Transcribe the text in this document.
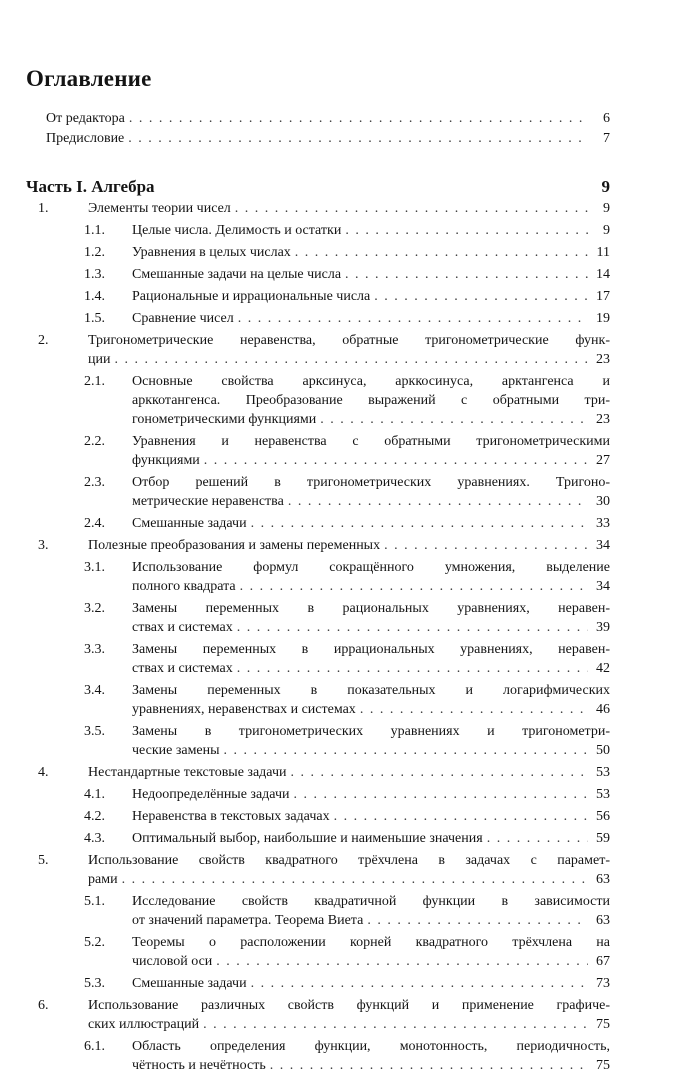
Оглавление
От редактора . . .	6
Предисловие . . .	7
Часть I. Алгебра	9
1.	Элементы теории чисел . . .	9
1.1. Целые числа. Делимость и остатки . . .	9
1.2. Уравнения в целых числах . . .	11
1.3. Смешанные задачи на целые числа . . .	14
1.4. Рациональные и иррациональные числа . . .	17
1.5. Сравнение чисел . . .	19
2.	Тригонометрические неравенства, обратные тригонометрические функ-
ции . . .	23
2.1. Основные свойства арксинуса, арккосинуса, арктангенса и
арккотангенса. Преобразование выражений с обратными три-
гонометрическими функциями . . .	23
2.2. Уравнения и неравенства с обратными тригонометрическими
функциями . . .	27
2.3. Отбор решений в тригонометрических уравнениях. Тригоно-
метрические неравенства . . .	30
2.4. Смешанные задачи . . .	33
3.	Полезные преобразования и замены переменных . . .	34
3.1. Использование формул сокращённого умножения, выделение
полного квадрата . . .	34
3.2. Замены переменных в рациональных уравнениях, неравен-
ствах и системах . . .	39
3.3. Замены переменных в иррациональных уравнениях, неравен-
ствах и системах . . .	42
3.4. Замены переменных в показательных и логарифмических
уравнениях, неравенствах и системах . . .	46
3.5. Замены в тригонометрических уравнениях и тригонометри-
ческие замены . . .	50
4.	Нестандартные текстовые задачи . . .	53
4.1. Недоопределённые задачи . . .	53
4.2. Неравенства в текстовых задачах . . .	56
4.3. Оптимальный выбор, наибольшие и наименьшие значения . . .	59
5.	Использование свойств квадратного трёхчлена в задачах с парамет-
рами . . .	63
5.1. Исследование свойств квадратичной функции в зависимости
от значений параметра. Теорема Виета . . .	63
5.2. Теоремы о расположении корней квадратного трёхчлена на
числовой оси . . .	67
5.3. Смешанные задачи . . .	73
6.	Использование различных свойств функций и применение графиче-
ских иллюстраций . . .	75
6.1. Область определения функции, монотонность, периодичность,
чётность и нечётность . . .	75
